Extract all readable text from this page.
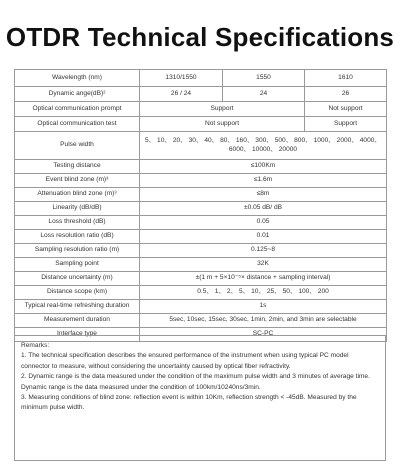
OTDR Technical Specifications
Wavelength (nm)	1310/1550	1550	1610
Dynamic ange(dB)²	26 / 24	24	26
Optical communication prompt	Support		Not support
Optical communication test	Not support		Support
Pulse width	5、 10、 20、 30、 40、 80、 160、 300、 500、 800、 1000、 2000、 4000、 6000、 10000、 20000		
Testing distance	≤100Km		
Event blind zone (m)³	≤1.6m		
Attenuation blind zone (m)³	≤8m		
Linearity (dB/dB)	±0.05 dB/ dB		
Loss threshold (dB)	0.05		
Loss resolution ratio (dB)	0.01		
Sampling resolution ratio (m)	0.125~8		
Sampling point	32K		
Distance uncertainty (m)	±(1 m + 5×10⁻⁵× distance + sampling interval)		
Distance scope (km)	0.5、 1、 2、 5、 10、 25、 50、 100、 200		
Typical real-time refreshing duration	1s		
Measurement duration	5sec, 10sec, 15sec, 30sec, 1min, 2min, and 3min are selectable		
Interface type	SC-PC		

Remarks:

1. The technical specification describes the ensured performance of the instrument when using typical PC model connector to measure, without considering the uncertainty caused by optical fiber refractivity.

2. Dynamic range is the data measured under the condition of the maximum pulse width and 3 minutes of average time. Dynamic range is the data measured under the condition of 100km/10240ns/3min.

3. Measuring conditions of blind zone: reflection event is within 10Km, reflection strength < -45dB. Measured by the minimum pulse width.
